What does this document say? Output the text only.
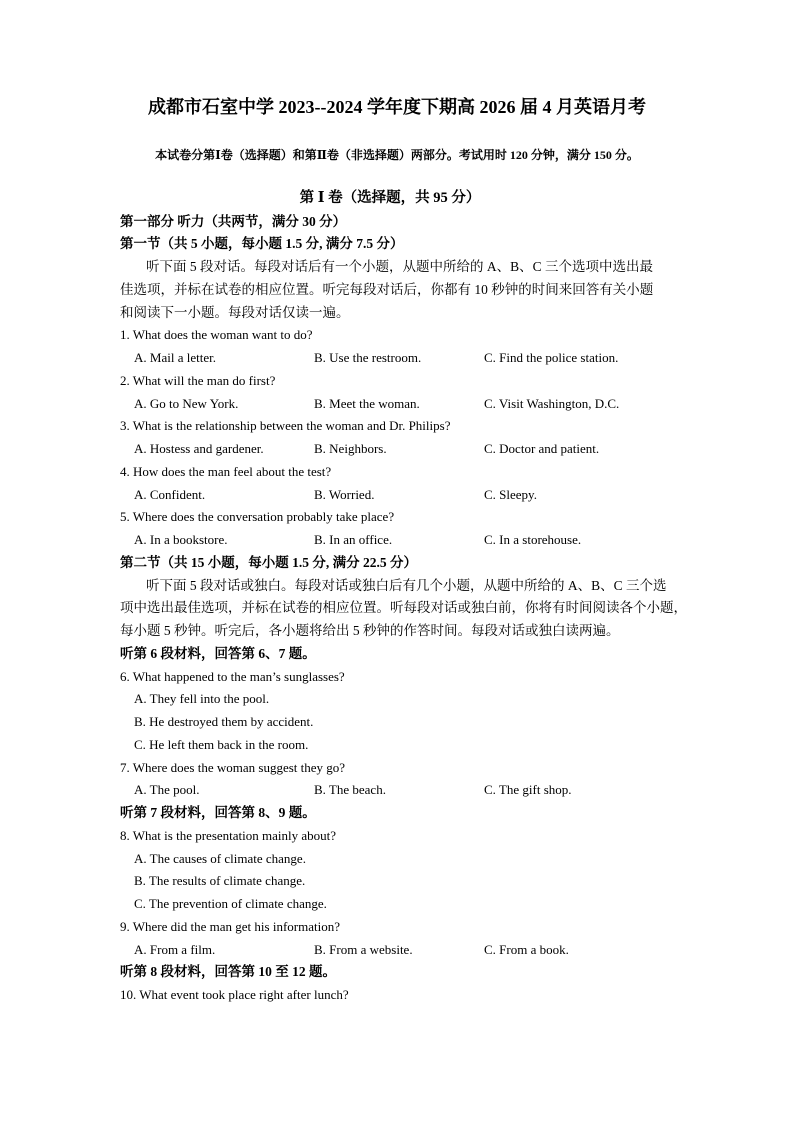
成都市石室中学 2023--2024 学年度下期高 2026 届 4 月英语月考
本试卷分第Ⅰ卷（选择题）和第Ⅱ卷（非选择题）两部分。考试用时 120 分钟，满分 150 分。
第 Ⅰ 卷（选择题，共 95 分）
第一部分 听力（共两节，满分 30 分）
第一节（共 5 小题，每小题 1.5 分, 满分 7.5 分）
听下面 5 段对话。每段对话后有一个小题，从题中所给的 A、B、C 三个选项中选出最
佳选项，并标在试卷的相应位置。听完每段对话后，你都有 10 秒钟的时间来回答有关小题
和阅读下一小题。每段对话仅读一遍。
1. What does the woman want to do?
A. Mail a letter.	B. Use the restroom.	C. Find the police station.
2. What will the man do first?
A. Go to New York.	B. Meet the woman.	C. Visit Washington, D.C.
3. What is the relationship between the woman and Dr. Philips?
A. Hostess and gardener.	B. Neighbors.	C. Doctor and patient.
4. How does the man feel about the test?
A. Confident.	B. Worried.	C. Sleepy.
5. Where does the conversation probably take place?
A. In a bookstore.	B. In an office.	C. In a storehouse.
第二节（共 15 小题，每小题 1.5 分, 满分 22.5 分）
听下面 5 段对话或独白。每段对话或独白后有几个小题，从题中所给的 A、B、C 三个选
项中选出最佳选项，并标在试卷的相应位置。听每段对话或独白前，你将有时间阅读各个小题，
每小题 5 秒钟。听完后，各小题将给出 5 秒钟的作答时间。每段对话或独白读两遍。
听第 6 段材料，回答第 6、7 题。
6. What happened to the man’s sunglasses?
A. They fell into the pool.
B. He destroyed them by accident.
C. He left them back in the room.
7. Where does the woman suggest they go?
A. The pool.	B. The beach.	C. The gift shop.
听第 7 段材料，回答第 8、9 题。
8. What is the presentation mainly about?
A. The causes of climate change.
B. The results of climate change.
C. The prevention of climate change.
9. Where did the man get his information?
A. From a film.	B. From a website.	C. From a book.
听第 8 段材料，回答第 10 至 12 题。
10. What event took place right after lunch?
